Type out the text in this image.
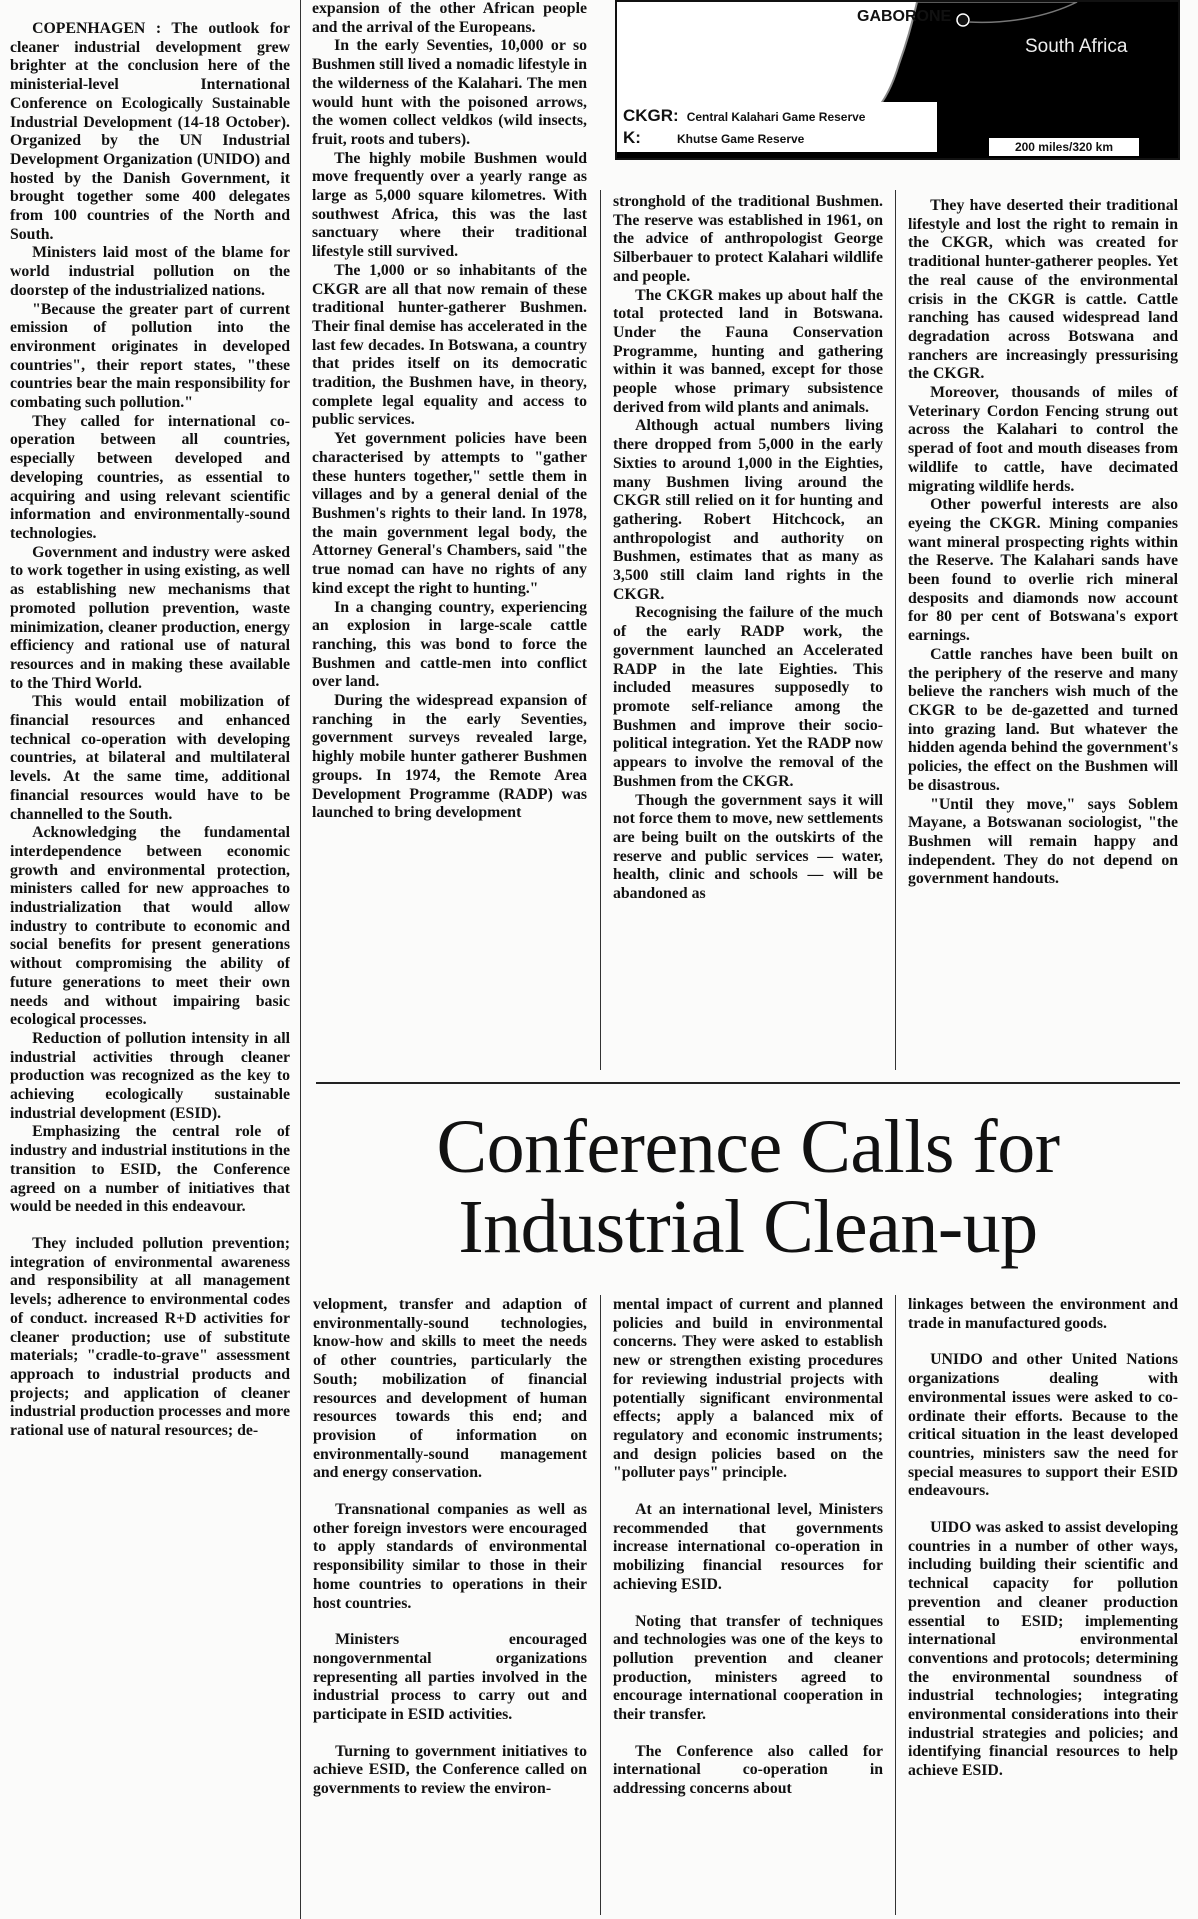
GABORONE
South Africa
CKGR: Central Kalahari Game Reserve
K:	Khutse Game Reserve
200 miles/320 km

COPENHAGEN : The outlook for cleaner industrial development grew brighter at the conclusion here of the ministerial-level International Conference on Ecologically Sustainable Industrial Development (14-18 October). Organized by the UN Industrial Development Organization (UNIDO) and hosted by the Danish Government, it brought together some 400 delegates from 100 countries of the North and South.

Ministers laid most of the blame for world industrial pollution on the doorstep of the industrialized nations.

"Because the greater part of current emission of pollution into the environment originates in developed countries", their report states, "these countries bear the main responsibility for combating such pollution."

They called for international co-operation between all countries, especially between developed and developing countries, as essential to acquiring and using relevant scientific information and environmentally-sound technologies.

Government and industry were asked to work together in using existing, as well as establishing new mechanisms that promoted pollution prevention, waste minimization, cleaner production, energy efficiency and rational use of natural resources and in making these available to the Third World.

This would entail mobilization of financial resources and enhanced technical co-operation with developing countries, at bilateral and multilateral levels. At the same time, additional financial resources would have to be channelled to the South.

Acknowledging the fundamental interdependence between economic growth and environmental protection, ministers called for new approaches to industrialization that would allow industry to contribute to economic and social benefits for present generations without compromising the ability of future generations to meet their own needs and without impairing basic ecological processes.

Reduction of pollution intensity in all industrial activities through cleaner production was recognized as the key to achieving ecologically sustainable industrial development (ESID).

Emphasizing the central role of industry and industrial institutions in the transition to ESID, the Conference agreed on a number of initiatives that would be needed in this endeavour.

They included pollution prevention; integration of environmental awareness and responsibility at all management levels; adherence to environmental codes of conduct. increased R+D activities for cleaner production; use of substitute materials; "cradle-to-grave" assessment approach to industrial products and projects; and application of cleaner industrial production processes and more rational use of natural resources; de-

expansion of the other African people and the arrival of the Europeans.

In the early Seventies, 10,000 or so Bushmen still lived a nomadic lifestyle in the wilderness of the Kalahari. The men would hunt with the poisoned arrows, the women collect veldkos (wild insects, fruit, roots and tubers).

The highly mobile Bushmen would move frequently over a yearly range as large as 5,000 square kilometres. With southwest Africa, this was the last sanctuary where their traditional lifestyle still survived.

The 1,000 or so inhabitants of the CKGR are all that now remain of these traditional hunter-gatherer Bushmen. Their final demise has accelerated in the last few decades. In Botswana, a country that prides itself on its democratic tradition, the Bushmen have, in theory, complete legal equality and access to public services.

Yet government policies have been characterised by attempts to "gather these hunters together," settle them in villages and by a general denial of the Bushmen's rights to their land. In 1978, the main government legal body, the Attorney General's Chambers, said "the true nomad can have no rights of any kind except the right to hunting."

In a changing country, experiencing an explosion in large-scale cattle ranching, this was bond to force the Bushmen and cattle-men into conflict over land.

During the widespread expansion of ranching in the early Seventies, government surveys revealed large, highly mobile hunter gatherer Bushmen groups. In 1974, the Remote Area Development Programme (RADP) was launched to bring development

stronghold of the traditional Bushmen. The reserve was established in 1961, on the advice of anthropologist George Silberbauer to protect Kalahari wildlife and people.

The CKGR makes up about half the total protected land in Botswana. Under the Fauna Conservation Programme, hunting and gathering within it was banned, except for those people whose primary subsistence derived from wild plants and animals.

Although actual numbers living there dropped from 5,000 in the early Sixties to around 1,000 in the Eighties, many Bushmen living around the CKGR still relied on it for hunting and gathering. Robert Hitchcock, an anthropologist and authority on Bushmen, estimates that as many as 3,500 still claim land rights in the CKGR.

Recognising the failure of the much of the early RADP work, the government launched an Accelerated RADP in the late Eighties. This included measures supposedly to promote self-reliance among the Bushmen and improve their socio-political integration. Yet the RADP now appears to involve the removal of the Bushmen from the CKGR.

Though the government says it will not force them to move, new settlements are being built on the outskirts of the reserve and public services — water, health, clinic and schools — will be abandoned as

They have deserted their traditional lifestyle and lost the right to remain in the CKGR, which was created for traditional hunter-gatherer peoples. Yet the real cause of the environmental crisis in the CKGR is cattle. Cattle ranching has caused widespread land degradation across Botswana and ranchers are increasingly pressurising the CKGR.

Moreover, thousands of miles of Veterinary Cordon Fencing strung out across the Kalahari to control the sperad of foot and mouth diseases from wildlife to cattle, have decimated migrating wildlife herds.

Other powerful interests are also eyeing the CKGR. Mining companies want mineral prospecting rights within the Reserve. The Kalahari sands have been found to overlie rich mineral desposits and diamonds now account for 80 per cent of Botswana's export earnings.

Cattle ranches have been built on the periphery of the reserve and many believe the ranchers wish much of the CKGR to be de-gazetted and turned into grazing land. But whatever the hidden agenda behind the government's policies, the effect on the Bushmen will be disastrous.

"Until they move," says Soblem Mayane, a Botswanan sociologist, "the Bushmen will remain happy and independent. They do not depend on government handouts.

Conference Calls for
Industrial Clean-up

velopment, transfer and adaption of environmentally-sound technologies, know-how and skills to meet the needs of other countries, particularly the South; mobilization of financial resources and development of human resources towards this end; and provision of information on environmentally-sound management and energy conservation.

Transnational companies as well as other foreign investors were encouraged to apply standards of environmental responsibility similar to those in their home countries to operations in their host countries.

Ministers encouraged nongovernmental organizations representing all parties involved in the industrial process to carry out and participate in ESID activities.

Turning to government initiatives to achieve ESID, the Conference called on governments to review the environ-

mental impact of current and planned policies and build in environmental concerns. They were asked to establish new or strengthen existing procedures for reviewing industrial projects with potentially significant environmental effects; apply a balanced mix of regulatory and economic instruments; and design policies based on the "polluter pays" principle.

At an international level, Ministers recommended that governments increase international co-operation in mobilizing financial resources for achieving ESID.

Noting that transfer of techniques and technologies was one of the keys to pollution prevention and cleaner production, ministers agreed to encourage international cooperation in their transfer.

The Conference also called for international co-operation in addressing concerns about

linkages between the environment and trade in manufactured goods.

UNIDO and other United Nations organizations dealing with environmental issues were asked to co-ordinate their efforts. Because to the critical situation in the least developed countries, ministers saw the need for special measures to support their ESID endeavours.

UIDO was asked to assist developing countries in a number of other ways, including building their scientific and technical capacity for pollution prevention and cleaner production essential to ESID; implementing international environmental conventions and protocols; determining the environmental soundness of industrial technologies; integrating environmental considerations into their industrial strategies and policies; and identifying financial resources to help achieve ESID.
